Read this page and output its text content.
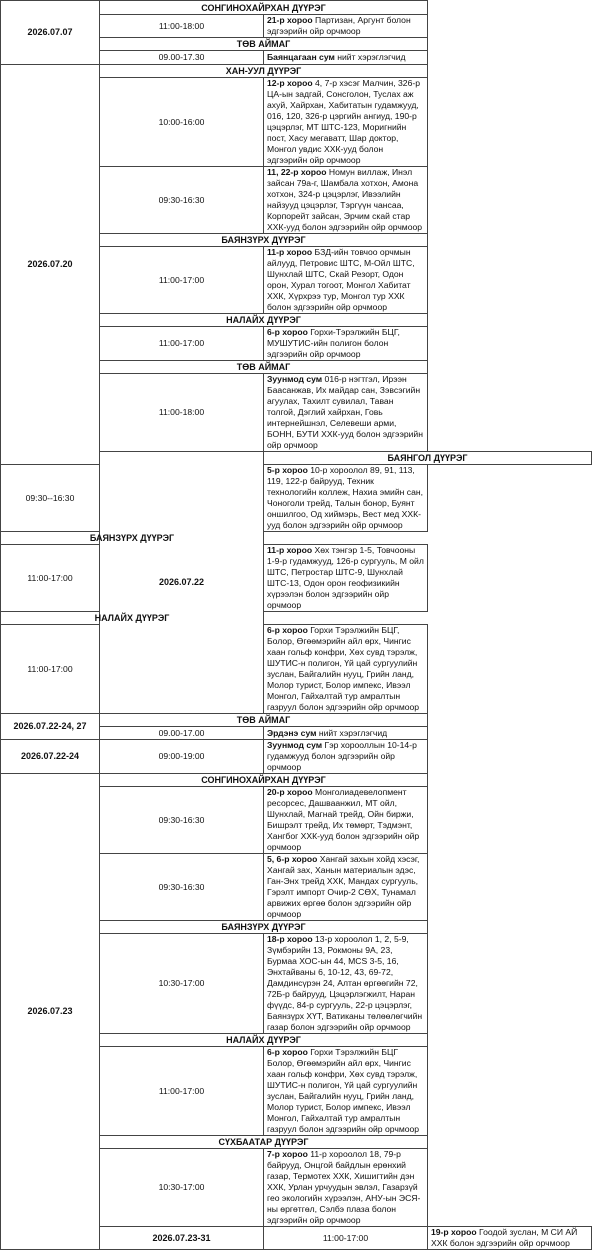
2026.07.07	СОНГИНОХАЙРХАН ДҮҮРЭГ		
	11:00-18:00	21-р хороо Партизан, Аргунт болон эдгээрийн ойр орчмоор	
	ТӨВ АЙМАГ		
	09.00-17.30	Баянцагаан сум нийт хэрэглэгчид	
2026.07.20	ХАН-УУЛ ДҮҮРЭГ		
	10:00-16:00	12-р хороо 4, 7-р хэсэг Малчин, 326-р ЦА-ын задгай, Сонсголон, Туслах аж ахуй, Хайрхан, Хабитатын гудамжууд, 016, 120, 326-р цэргийн ангиуд, 190-р цэцэрлэг, МТ ШТС-123, Моригнийн пост, Хасу мегаватт, Шар доктор, Монгол увдис ХХК-ууд болон эдгээрийн ойр орчмоор	
	09:30-16:30	11, 22-р хороо Номун виллаж, Инэл зайсан 79а-г, Шамбала хотхон, Амона хотхон, 324-р цэцэрлэг, Ивээлийн найзууд цэцэрлэг, Тэргүүн чансаа, Корпорейт зайсан, Эрчим скай стар ХХК-ууд болон эдгээрийн ойр орчмоор	
	БАЯНЗҮРХ ДҮҮРЭГ		
	11:00-17:00	11-р хороо БЗД-ийн товчоо орчмын айлууд, Петровис ШТС, М-Ойл ШТС, Шунхлай ШТС, Скай Резорт, Одон орон, Хурал тогоот, Монгол Хабитат ХХК, Хүрхрээ тур, Монгол тур ХХК болон эдгээрийн ойр орчмоор	
	НАЛАЙХ ДҮҮРЭГ		
	11:00-17:00	6-р хороо Горхи-Тэрэлжийн БЦГ, МУШУТИС-ийн полигон болон эдгээрийн ойр орчмоор	
	ТӨВ АЙМАГ		
	11:00-18:00	Зуунмод сум 016-р нэгтгэл, Ирээн Баасанжав, Их майдар сан, Зэвсэгийн агуулах, Тахилт сувилал, Таван толгой, Дэглий хайрхан, Говь интернейшнэл, Селевеши арми, БОНН, БУТИ ХХК-ууд болон эдгээрийн ойр орчмоор	
	2026.07.22	БАЯНГОЛ ДҮҮРЭГ	
09:30--16:30		5-р хороо 10-р хороолол 89, 91, 113, 119, 122-р байрууд, Техник технологийн коллеж, Нахиа эмийн сан, Чоноголи трейд, Талын бонор, Буянт оншилгоо, Од хиймэрь, Вест мед ХХК-ууд болон эдгээрийн ойр орчмоор	
БАЯНЗҮРХ ДҮҮРЭГ			
11:00-17:00		11-р хороо Хөх тэнгэр 1-5, Товчооны 1-9-р гудамжууд, 126-р сургууль, М ойл ШТС, Петростар ШТС-9, Шунхлай ШТС-13, Одон орон геофизикийн хүрээлэн болон эдгээрийн ойр орчмоор	
НАЛАЙХ ДҮҮРЭГ			
11:00-17:00		6-р хороо Горхи Тэрэлжийн БЦГ, Болор, Өгөөмэрийн айл өрх, Чингис хаан гольф конфри, Хөх сувд тэрэлж, ШУТИС-н полигон, Үй цай сургуулийн зуслан, Байгалийн нууц, Грийн ланд, Молор турист, Болор импекс, Ивээл Монгол, Гайхалтай тур амралтын газруул болон эдгээрийн ойр орчмоор	
2026.07.22-24, 27	ТӨВ АЙМАГ		
	09.00-17.00	Эрдэнэ сум нийт хэрэглэгчид	
2026.07.22-24	09:00-19:00	Зуунмод сум Гэр хорооллын 10-14-р гудамжууд болон эдгээрийн ойр орчмоор	
2026.07.23	СОНГИНОХАЙРХАН ДҮҮРЭГ		
	09:30-16:30	20-р хороо Монголиадевелопмент ресорсес, Дашваанжил, МТ ойл, Шунхлай, Магнай трейд, Ойн биржи, Бишрэлт трейд, Их төмөрт, Тэдмэнт, Хангбог ХХК-ууд болон эдгээрийн ойр орчмоор	
	09:30-16:30	5, 6-р хороо Хангай захын хойд хэсэг, Хангай зах, Ханын материалын эдэс, Ган-Энх трейд ХХК, Мандах сургууль, Гэрэлт импорт Очир-2 СӨХ, Тунамал арвижих өргөө болон эдгээрийн ойр орчмоор	
	БАЯНЗҮРХ ДҮҮРЭГ		
	10:30-17:00	18-р хороо 13-р хороолол 1, 2, 5-9, Зүмбэрийн 13, Рокмоны 9А, 23, Бурмаа ХОС-ын 44, MCS 3-5, 16, Энхтайваны 6, 10-12, 43, 69-72, Дамдинсүрэн 24, Алтан өргөөгийн 72, 72Б-р байрууд, Цэцэрлэгжилт, Наран фүүдс, 84-р сургууль, 22-р цэцэрлэг, Баянзүрх ХҮТ, Ватиканы төлөөлөгчийн газар болон эдгээрийн ойр орчмоор	
	НАЛАЙХ ДҮҮРЭГ		
	11:00-17:00	6-р хороо Горхи Тэрэлжийн БЦГ Болор, Өгөөмэрийн айл өрх, Чингис хаан гольф конфри, Хөх сувд тэрэлж, ШУТИС-н полигон, Үй цай сургуулийн зуслан, Байгалийн нууц, Грийн ланд, Молор турист, Болор импекс, Ивээл Монгол, Гайхалтай тур амралтын газруул болон эдгээрийн ойр орчмоор	
	СҮХБААТАР ДҮҮРЭГ		
	10:30-17:00	7-р хороо 11-р хороолол 18, 79-р байрууд, Онцгой байдлын ерөнхий газар, Термотех ХХК, Хишигтийн дэн ХХК, Урлан урчуудын эвлэл, Газарзүй гео экологийн хүрээлэн, АНУ-ын ЭСЯ-ны өргөтгөл, Сэлбэ плаза болон эдгээрийн ойр орчмоор	
	2026.07.23-31	11:00-17:00	19-р хороо Гоодой зуслан, М СИ АЙ ХХК болон эдгээрийн ойр орчмоор
